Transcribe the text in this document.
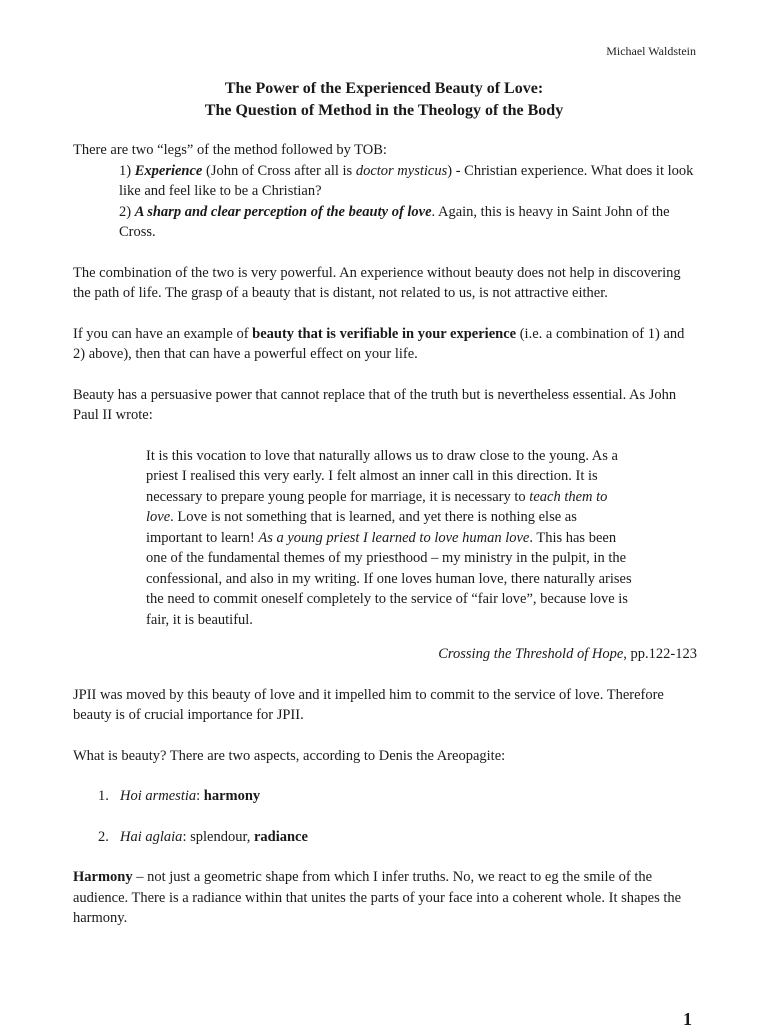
Michael Waldstein
The Power of the Experienced Beauty of Love:
The Question of Method in the Theology of the Body
There are two “legs” of the method followed by TOB:
1) Experience (John of Cross after all is doctor mysticus) - Christian experience. What does it look like and feel like to be a Christian?
2) A sharp and clear perception of the beauty of love. Again, this is heavy in Saint John of the Cross.

The combination of the two is very powerful. An experience without beauty does not help in discovering the path of life. The grasp of a beauty that is distant, not related to us, is not attractive either.

If you can have an example of beauty that is verifiable in your experience (i.e. a combination of 1) and 2) above), then that can have a powerful effect on your life.

Beauty has a persuasive power that cannot replace that of the truth but is nevertheless essential. As John Paul II wrote:

It is this vocation to love that naturally allows us to draw close to the young. As a priest I realised this very early. I felt almost an inner call in this direction. It is necessary to prepare young people for marriage, it is necessary to teach them to love. Love is not something that is learned, and yet there is nothing else as important to learn! As a young priest I learned to love human love. This has been one of the fundamental themes of my priesthood – my ministry in the pulpit, in the confessional, and also in my writing. If one loves human love, there naturally arises the need to commit oneself completely to the service of “fair love”, because love is fair, it is beautiful.
Crossing the Threshold of Hope, pp.122-123

JPII was moved by this beauty of love and it impelled him to commit to the service of love. Therefore beauty is of crucial importance for JPII.

What is beauty? There are two aspects, according to Denis the Areopagite:

1. Hoi armestia: harmony
2. Hai aglaia: splendour, radiance

Harmony – not just a geometric shape from which I infer truths. No, we react to eg the smile of the audience. There is a radiance within that unites the parts of your face into a coherent whole. It shapes the harmony.

1
